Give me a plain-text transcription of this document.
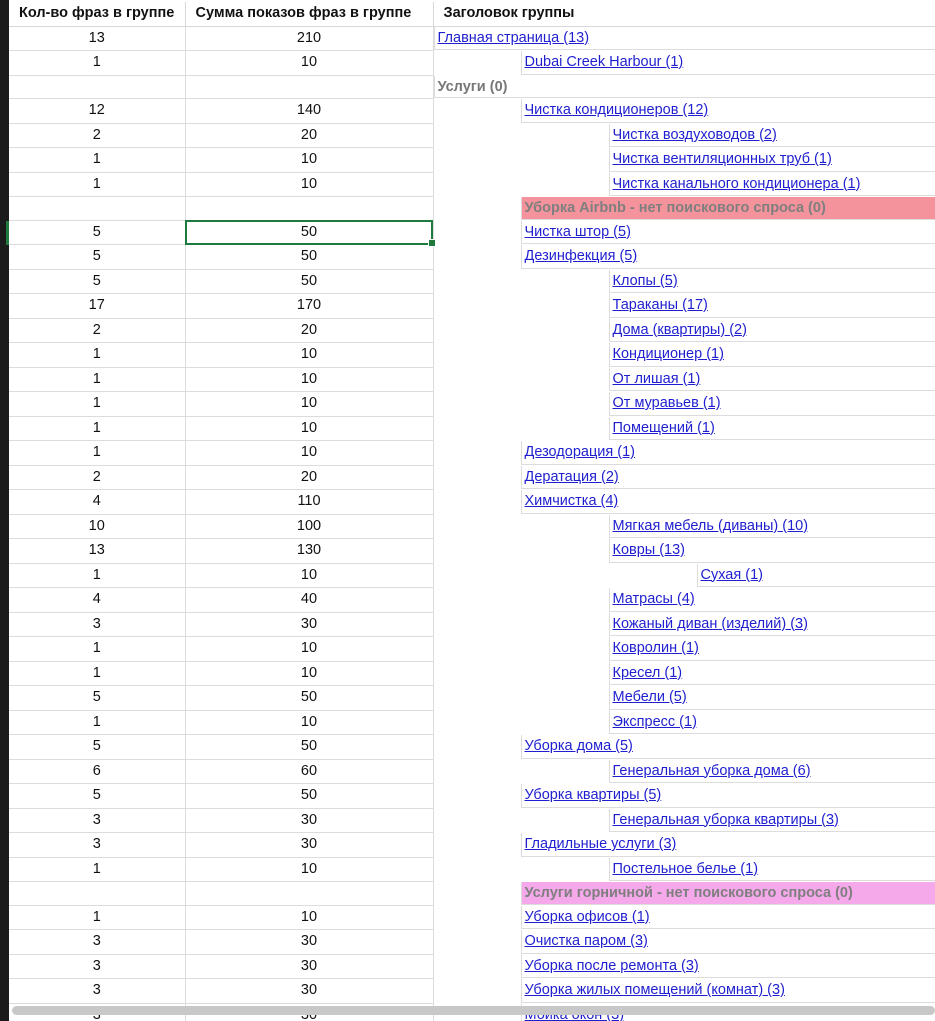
Кол-во фраз в группе	Сумма показов фраз в группе	Заголовок группы
13	210	Главная страница (13)

1	10	Dubai Creek Harbour (1)

		Услуги (0)

12	140	Чистка кондиционеров (12)

2	20	Чистка воздуховодов (2)

1	10	Чистка вентиляционных труб (1)

1	10	Чистка канального кондиционера (1)

		Уборка Airbnb - нет поискового спроса (0)

5	50	Чистка штор (5)

5	50	Дезинфекция (5)

5	50	Клопы (5)

17	170	Тараканы (17)

2	20	Дома (квартиры) (2)

1	10	Кондиционер (1)

1	10	От лишая (1)

1	10	От муравьев (1)

1	10	Помещений (1)

1	10	Дезодорация (1)

2	20	Дератация (2)

4	110	Химчистка (4)

10	100	Мягкая мебель (диваны) (10)

13	130	Ковры (13)

1	10	Сухая (1)

4	40	Матрасы (4)

3	30	Кожаный диван (изделий) (3)

1	10	Ковролин (1)

1	10	Кресел (1)

5	50	Мебели (5)

1	10	Экспресс (1)

5	50	Уборка дома (5)

6	60	Генеральная уборка дома (6)

5	50	Уборка квартиры (5)

3	30	Генеральная уборка квартиры (3)

3	30	Гладильные услуги (3)

1	10	Постельное белье (1)

		Услуги горничной - нет поискового спроса (0)

1	10	Уборка офисов (1)

3	30	Очистка паром (3)

3	30	Уборка после ремонта (3)

3	30	Уборка жилых помещений (комнат) (3)
